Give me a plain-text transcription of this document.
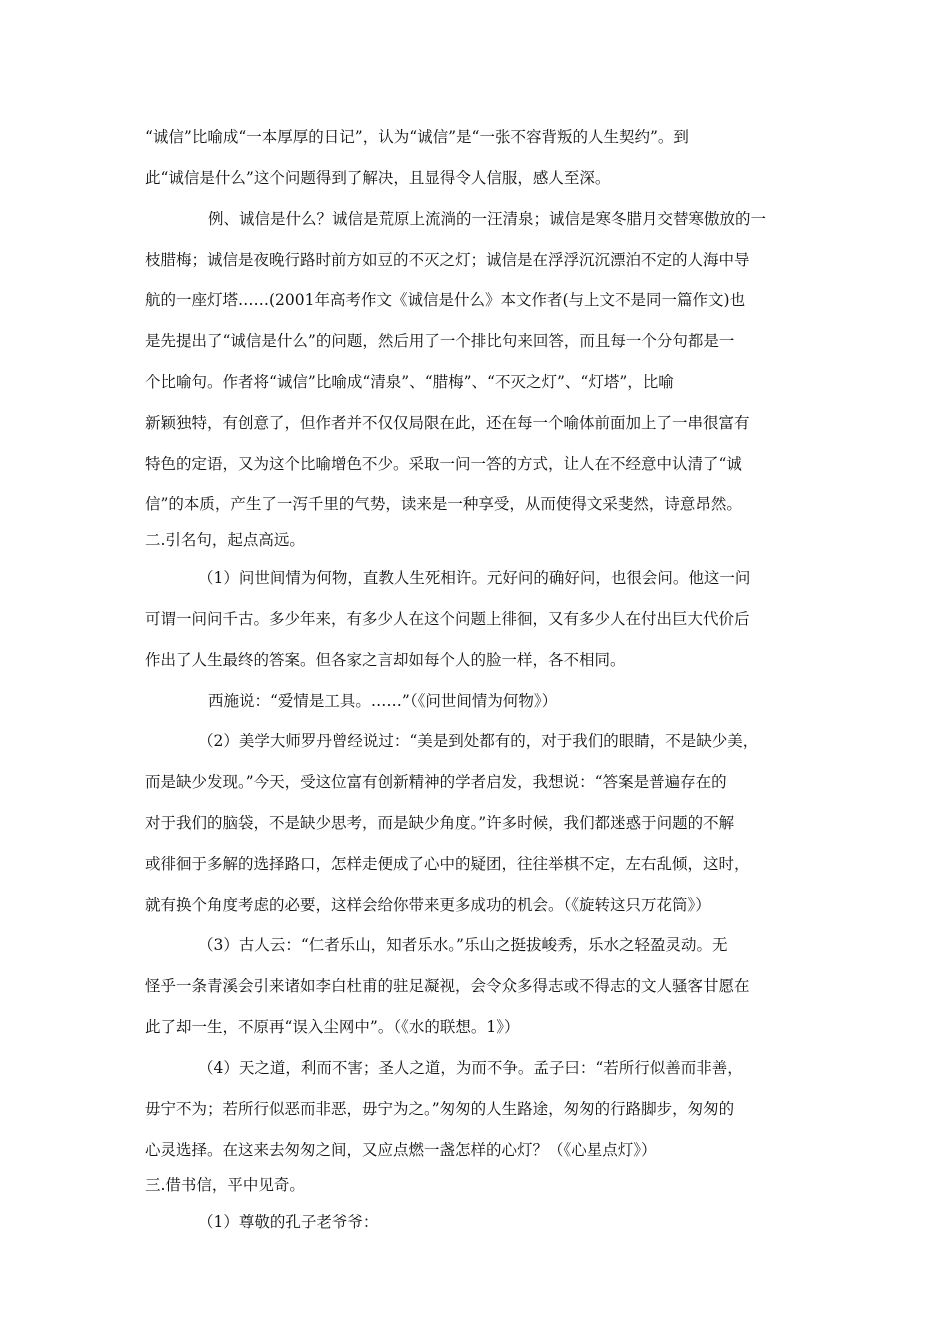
“诚信”比喻成“一本厚厚的日记”，认为“诚信”是“一张不容背叛的人生契约”。到
此“诚信是什么”这个问题得到了解决，且显得令人信服，感人至深。
例、诚信是什么？诚信是荒原上流淌的一汪清泉；诚信是寒冬腊月交替寒傲放的一
枝腊梅；诚信是夜晚行路时前方如豆的不灭之灯；诚信是在浮浮沉沉漂泊不定的人海中导
航的一座灯塔……(2001年高考作文《诚信是什么》本文作者(与上文不是同一篇作文)也
是先提出了“诚信是什么”的问题，然后用了一个排比句来回答，而且每一个分句都是一
个比喻句。作者将“诚信”比喻成“清泉”、“腊梅”、“不灭之灯”、“灯塔”，比喻
新颖独特，有创意了，但作者并不仅仅局限在此，还在每一个喻体前面加上了一串很富有
特色的定语，又为这个比喻增色不少。采取一问一答的方式，让人在不经意中认清了“诚
信”的本质，产生了一泻千里的气势，读来是一种享受，从而使得文采斐然，诗意昂然。
二.引名句，起点高远。
（1）问世间情为何物，直教人生死相许。元好问的确好问，也很会问。他这一问
可谓一问问千古。多少年来，有多少人在这个问题上徘徊，又有多少人在付出巨大代价后
作出了人生最终的答案。但各家之言却如每个人的脸一样，各不相同。
西施说：“爱情是工具。……”（《问世间情为何物》）
（2）美学大师罗丹曾经说过：“美是到处都有的，对于我们的眼睛，不是缺少美，
而是缺少发现。”今天，受这位富有创新精神的学者启发，我想说：“答案是普遍存在的
对于我们的脑袋，不是缺少思考，而是缺少角度。”许多时候，我们都迷惑于问题的不解
或徘徊于多解的选择路口，怎样走便成了心中的疑团，往往举棋不定，左右乱倾，这时，
就有换个角度考虑的必要，这样会给你带来更多成功的机会。（《旋转这只万花筒》）
（3）古人云：“仁者乐山，知者乐水。”乐山之挺拔峻秀，乐水之轻盈灵动。无
怪乎一条青溪会引来诸如李白杜甫的驻足凝视，会令众多得志或不得志的文人骚客甘愿在
此了却一生，不原再“误入尘网中”。（《水的联想。1》）
（4）天之道，利而不害；圣人之道，为而不争。孟子曰：“若所行似善而非善，
毋宁不为；若所行似恶而非恶，毋宁为之。”匆匆的人生路途，匆匆的行路脚步，匆匆的
心灵选择。在这来去匆匆之间，又应点燃一盏怎样的心灯？（《心星点灯》）
三.借书信，平中见奇。
（1）尊敬的孔子老爷爷：
